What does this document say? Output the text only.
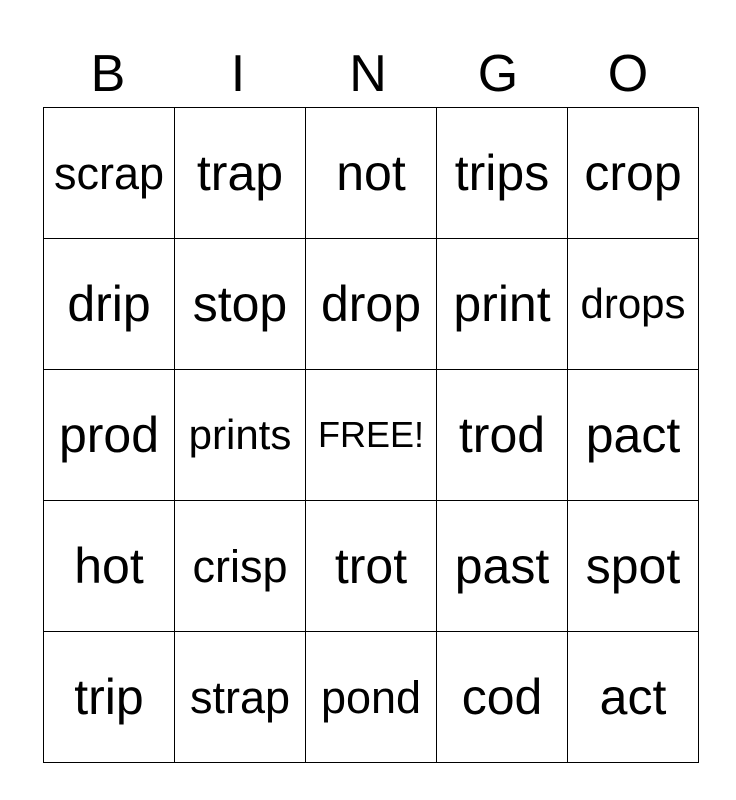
B	I	N	G	O
scrap	trap	not	trips	crop
drip	stop	drop	print	drops
prod	prints	FREE!	trod	pact
hot	crisp	trot	past	spot
trip	strap	pond	cod	act
